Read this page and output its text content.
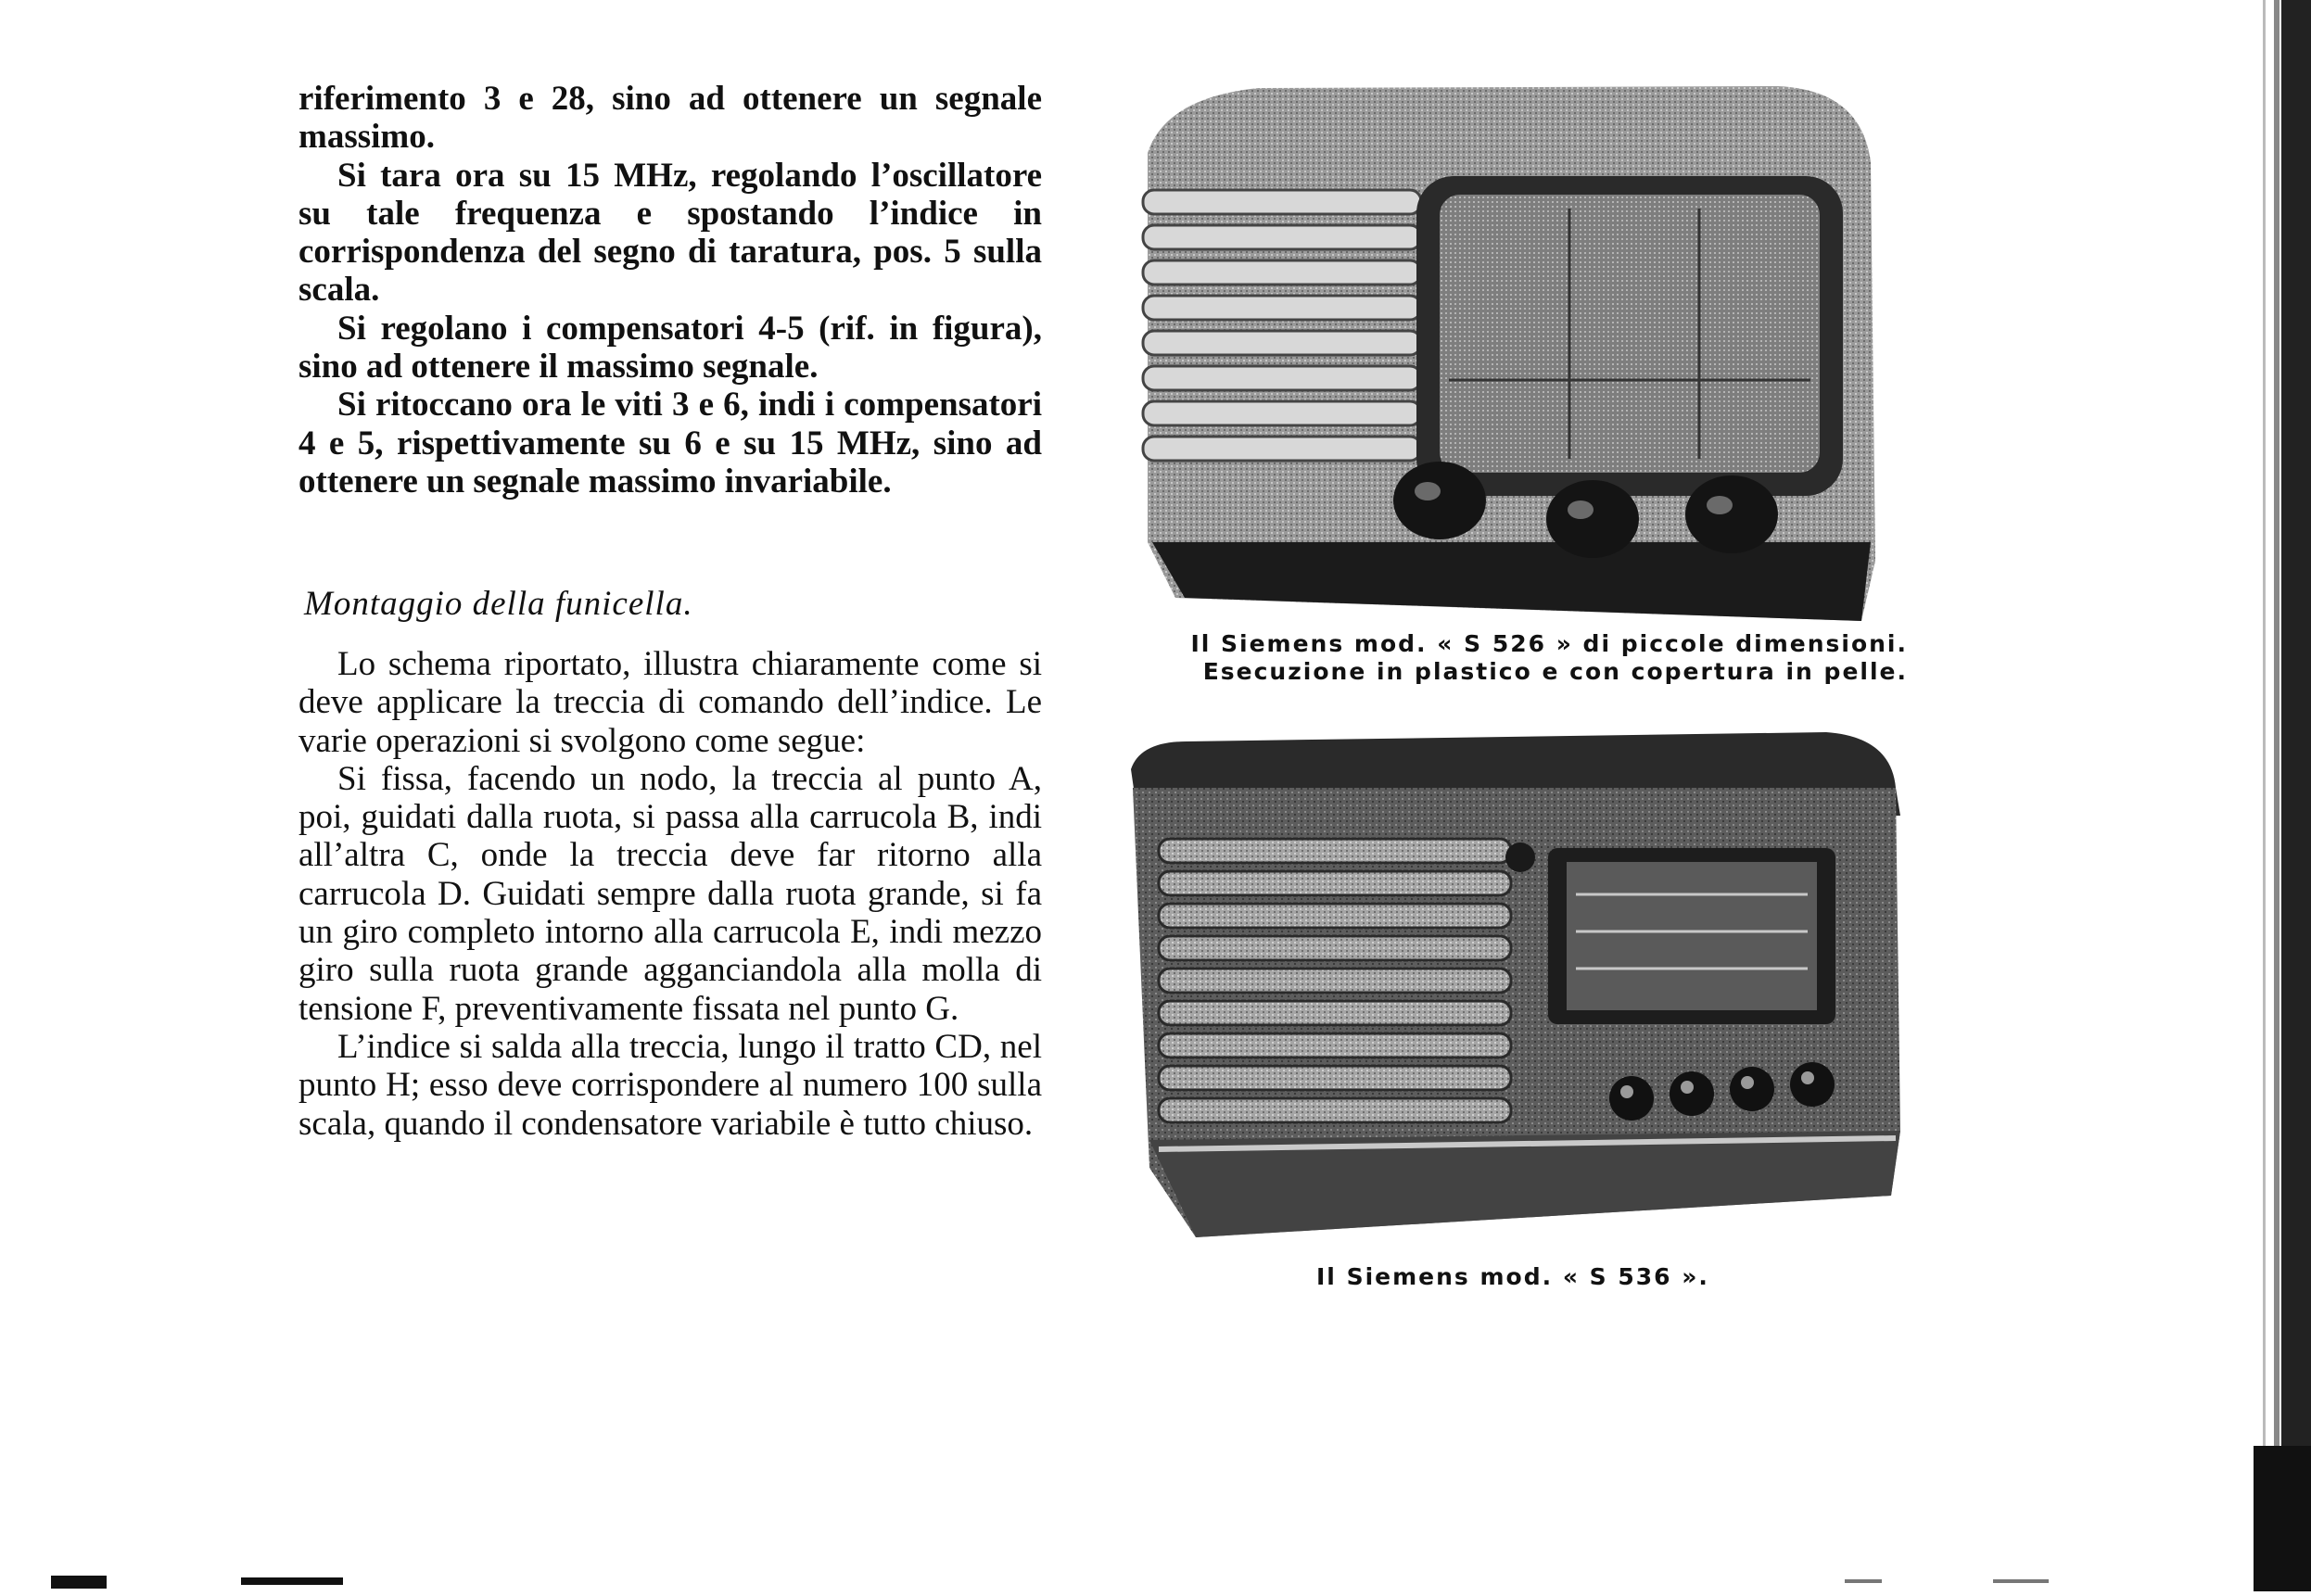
riferimento 3 e 28, sino ad ottenere un segnale massimo.

Si tara ora su 15 MHz, regolando l’oscillatore su tale frequenza e spostando l’indice in corrispondenza del segno di taratura, pos. 5 sulla scala.

Si regolano i compensatori 4-5 (rif. in figura), sino ad ottenere il massimo segnale.

Si ritoccano ora le viti 3 e 6, indi i compensatori 4 e 5, rispettivamente su 6 e su 15 MHz, sino ad ottenere un segnale massimo invariabile.

Montaggio della funicella.

Lo schema riportato, illustra chiaramente come si deve applicare la treccia di comando dell’indice. Le varie operazioni si svolgono come segue:

Si fissa, facendo un nodo, la treccia al punto A, poi, guidati dalla ruota, si passa alla carrucola B, indi all’altra C, onde la treccia deve far ritorno alla carrucola D. Guidati sempre dalla ruota grande, si fa un giro completo intorno alla carrucola E, indi mezzo giro sulla ruota grande agganciandola alla molla di tensione F, preventivamente fissata nel punto G.

L’indice si salda alla treccia, lungo il tratto CD, nel punto H; esso deve corrispondere al numero 100 sulla scala, quando il condensatore variabile è tutto chiuso.

Il Siemens mod. « S 526 » di piccole dimensioni.
Esecuzione in plastico e con copertura in pelle.
Il Siemens mod. « S 536 ».
